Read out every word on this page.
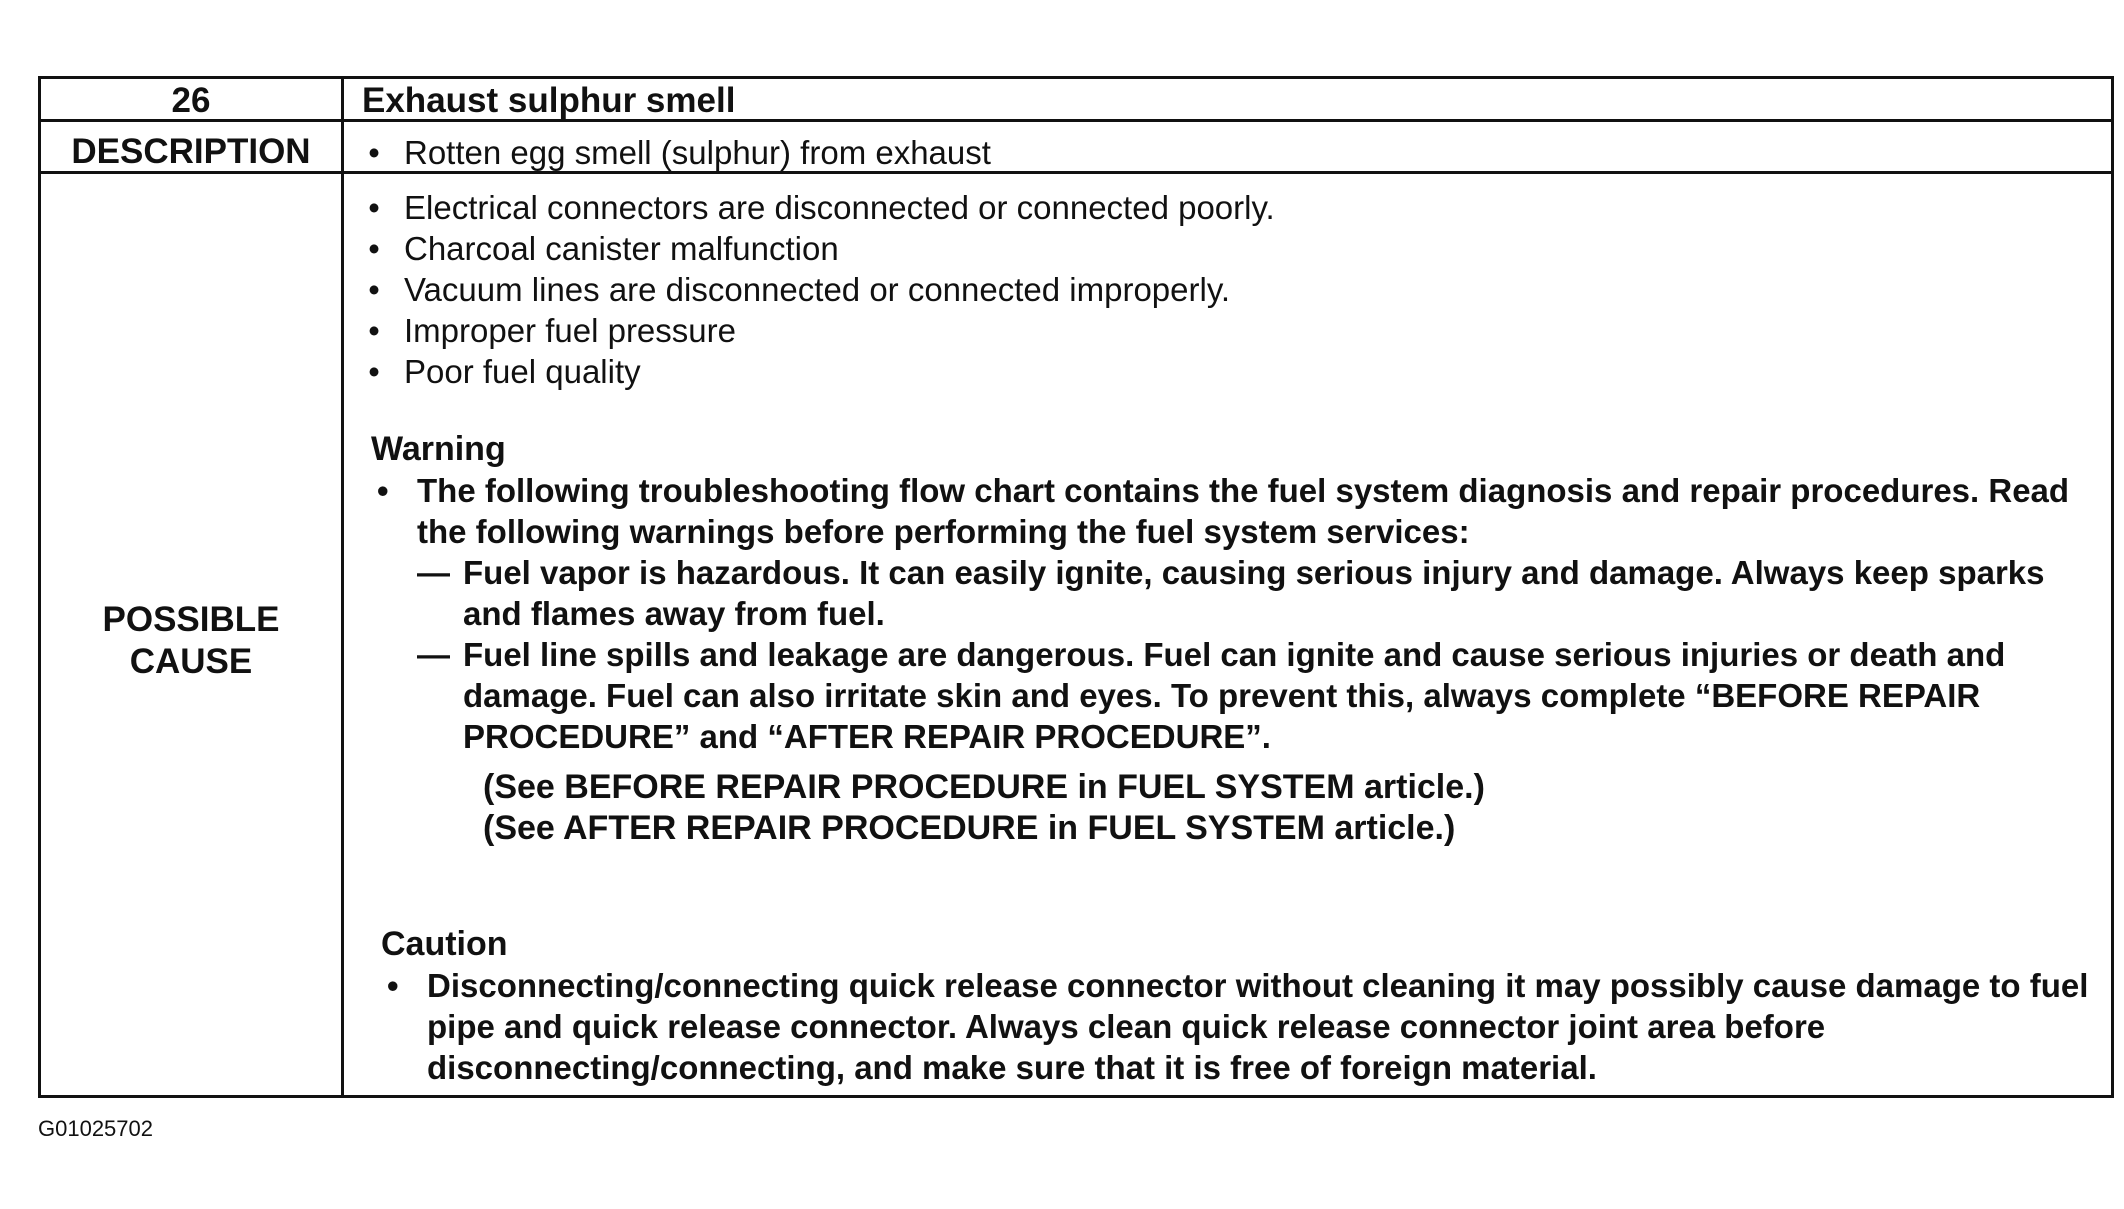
26	Exhaust sulphur smell
DESCRIPTION	• Rotten egg smell (sulphur) from exhaust
POSSIBLE
CAUSE
• Electrical connectors are disconnected or connected poorly.
• Charcoal canister malfunction
• Vacuum lines are disconnected or connected improperly.
• Improper fuel pressure
• Poor fuel quality
Warning
• The following troubleshooting flow chart contains the fuel system diagnosis and repair procedures. Read the following warnings before performing the fuel system services:
— Fuel vapor is hazardous. It can easily ignite, causing serious injury and damage. Always keep sparks and flames away from fuel.
— Fuel line spills and leakage are dangerous. Fuel can ignite and cause serious injuries or death and damage. Fuel can also irritate skin and eyes. To prevent this, always complete “BEFORE REPAIR PROCEDURE” and “AFTER REPAIR PROCEDURE”.
(See BEFORE REPAIR PROCEDURE in FUEL SYSTEM article.)
(See AFTER REPAIR PROCEDURE in FUEL SYSTEM article.)
Caution
• Disconnecting/connecting quick release connector without cleaning it may possibly cause damage to fuel pipe and quick release connector. Always clean quick release connector joint area before disconnecting/connecting, and make sure that it is free of foreign material.
G01025702
